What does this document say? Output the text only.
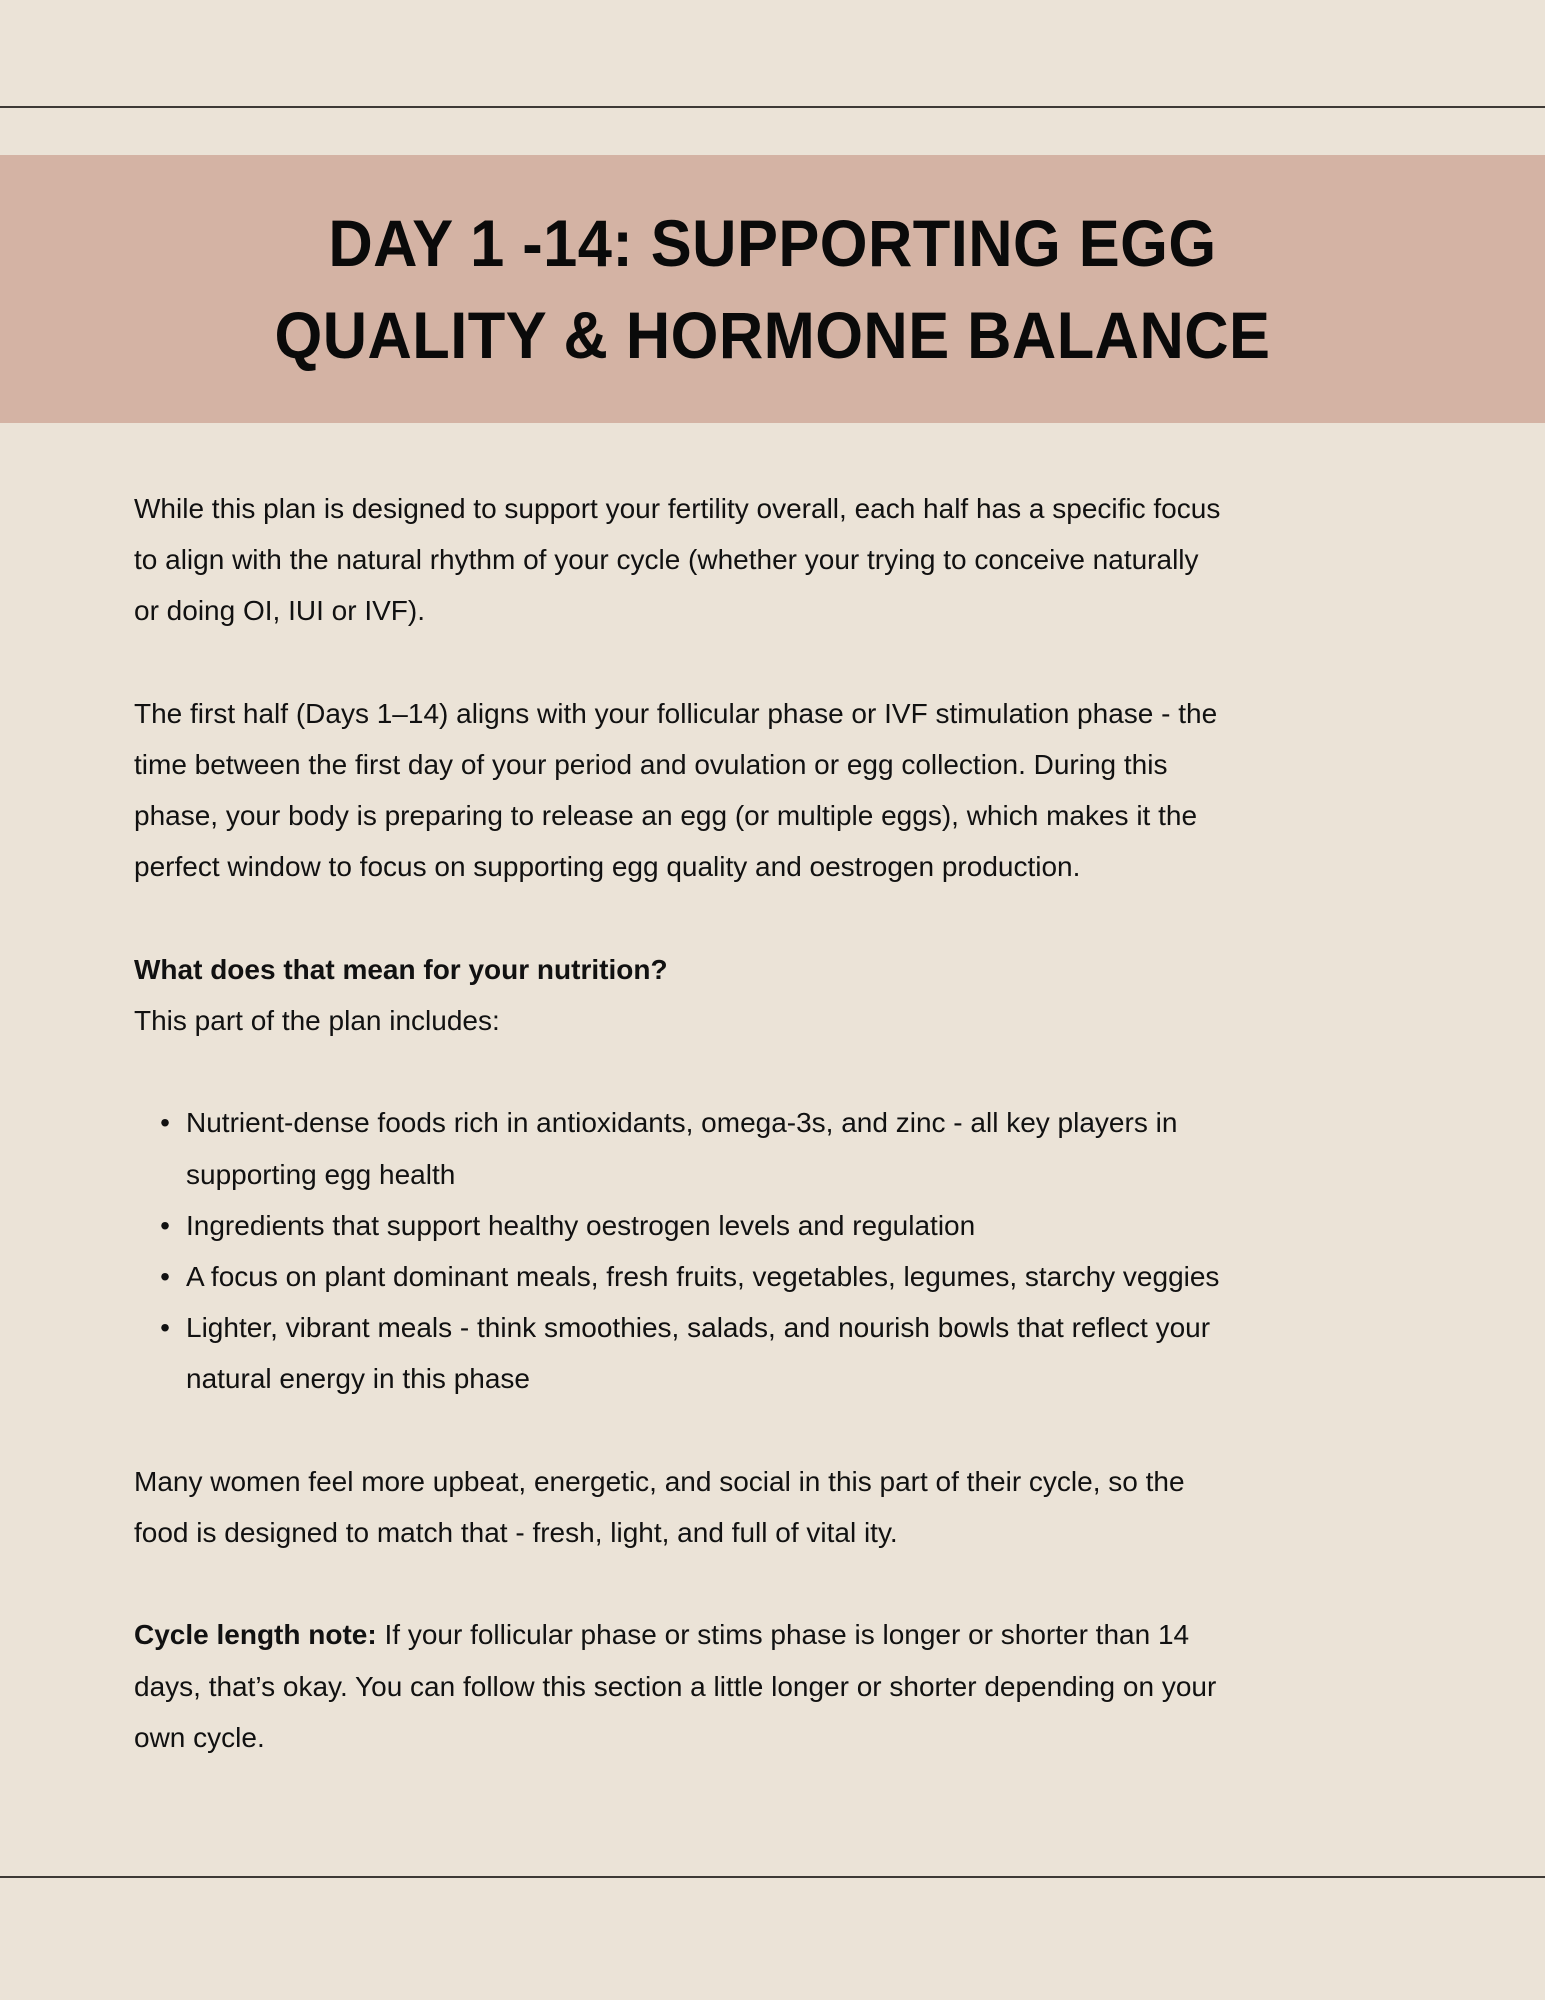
DAY 1 -14: SUPPORTING EGG
QUALITY & HORMONE BALANCE

While this plan is designed to support your fertility overall, each half has a specific focus
to align with the natural rhythm of your cycle (whether your trying to conceive naturally
or doing OI, IUI or IVF).

The first half (Days 1–14) aligns with your follicular phase or IVF stimulation phase - the
time between the first day of your period and ovulation or egg collection. During this
phase, your body is preparing to release an egg (or multiple eggs), which makes it the
perfect window to focus on supporting egg quality and oestrogen production.

What does that mean for your nutrition?

This part of the plan includes:

• Nutrient-dense foods rich in antioxidants, omega-3s, and zinc - all key players in
supporting egg health
• Ingredients that support healthy oestrogen levels and regulation
• A focus on plant dominant meals, fresh fruits, vegetables, legumes, starchy veggies
• Lighter, vibrant meals - think smoothies, salads, and nourish bowls that reflect your
natural energy in this phase

Many women feel more upbeat, energetic, and social in this part of their cycle, so the
food is designed to match that - fresh, light, and full of vital ity.

Cycle length note: If your follicular phase or stims phase is longer or shorter than 14
days, that’s okay. You can follow this section a little longer or shorter depending on your
own cycle.
